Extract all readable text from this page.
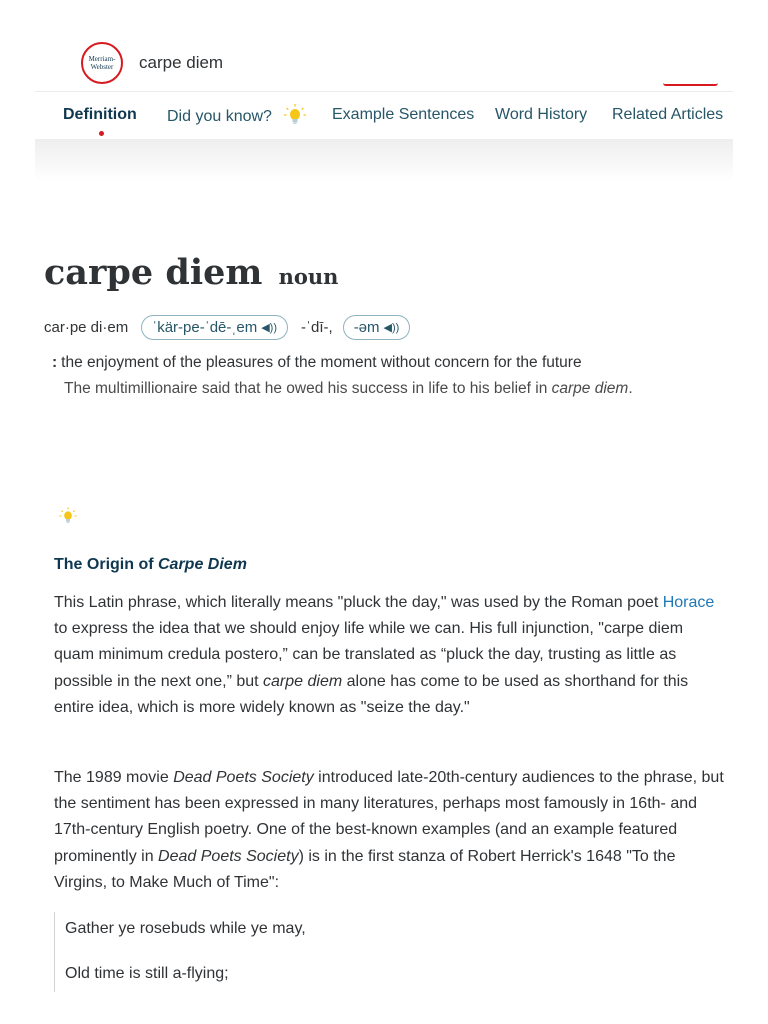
Merriam-Webster carpe diem
Definition Did you know?	Example Sentences Word History Related Articles
carpe diem noun
car·pe di·em ˈkär-pe-ˈdē-ˌem ◀)) -ˈdī-, -əm ◀))
: the enjoyment of the pleasures of the moment without concern for the future
The multimillionaire said that he owed his success in life to his belief in carpe diem.
The Origin of Carpe Diem
This Latin phrase, which literally means "pluck the day," was used by the Roman poet Horace to express the idea that we should enjoy life while we can. His full injunction, "carpe diem quam minimum credula postero,” can be translated as “pluck the day, trusting as little as possible in the next one,” but carpe diem alone has come to be used as shorthand for this entire idea, which is more widely known as "seize the day."
The 1989 movie Dead Poets Society introduced late-20th-century audiences to the phrase, but the sentiment has been expressed in many literatures, perhaps most famously in 16th- and 17th-century English poetry. One of the best-known examples (and an example featured prominently in Dead Poets Society) is in the first stanza of Robert Herrick's 1648 "To the Virgins, to Make Much of Time":
Gather ye rosebuds while ye may,
Old time is still a-flying;
